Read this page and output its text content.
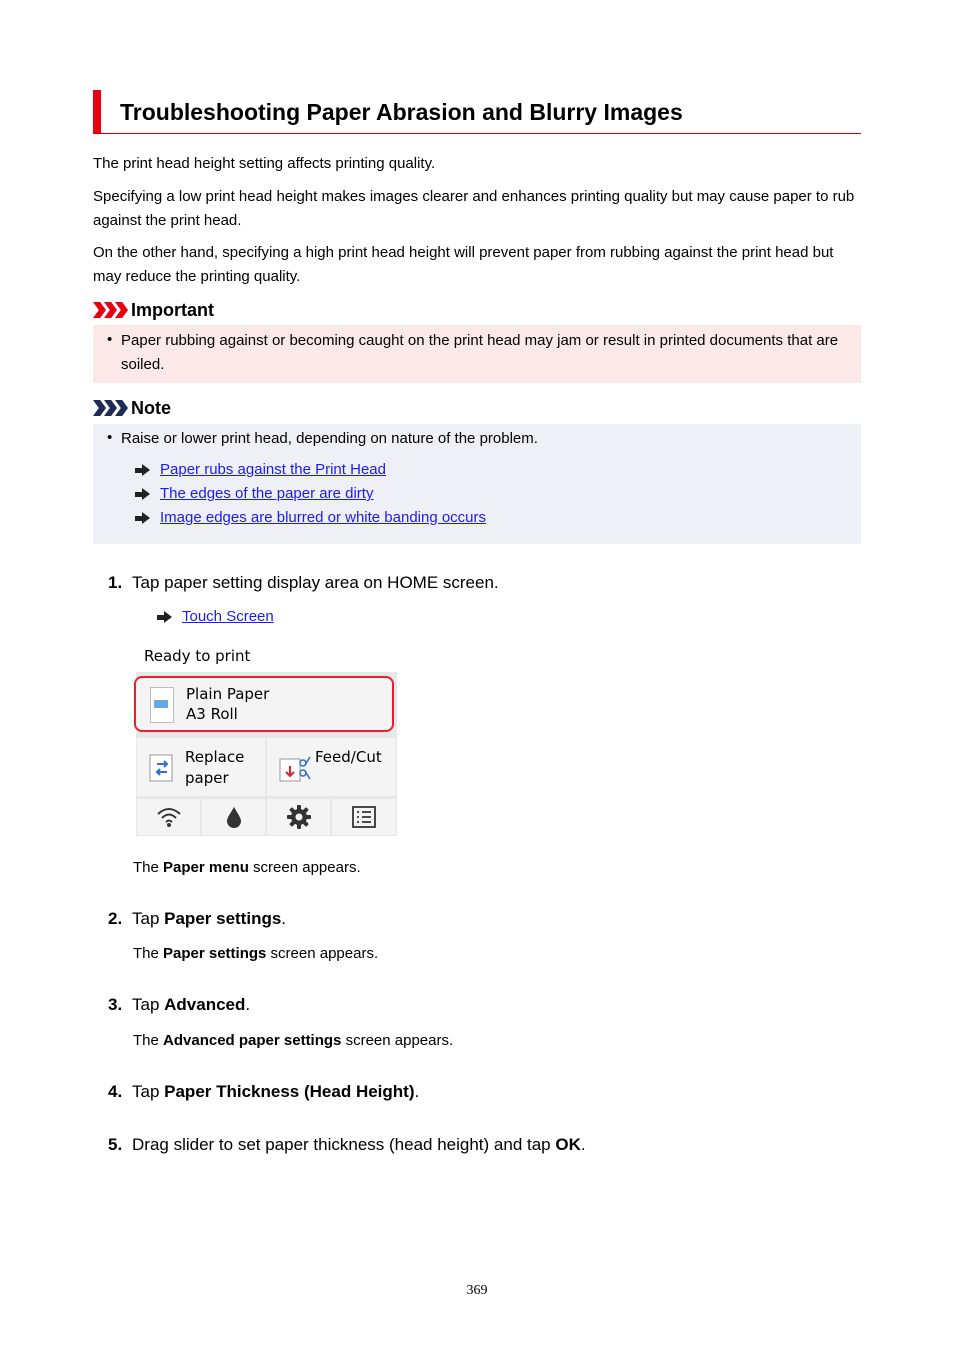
Troubleshooting Paper Abrasion and Blurry Images

The print head height setting affects printing quality.

Specifying a low print head height makes images clearer and enhances printing quality but may cause paper to rub against the print head.

On the other hand, specifying a high print head height will prevent paper from rubbing against the print head but may reduce the printing quality.

Important
• Paper rubbing against or becoming caught on the print head may jam or result in printed documents that are soiled.

Note
• Raise or lower print head, depending on nature of the problem.

Paper rubs against the Print Head
The edges of the paper are dirty
Image edges are blurred or white banding occurs
1. Tap paper setting display area on HOME screen.
Touch Screen
Ready to print
Plain Paper
A3 Roll
Replace
paper
Feed/Cut
The Paper menu screen appears.
2. Tap Paper settings.
The Paper settings screen appears.
3. Tap Advanced.
The Advanced paper settings screen appears.
4. Tap Paper Thickness (Head Height).
5. Drag slider to set paper thickness (head height) and tap OK.
369
